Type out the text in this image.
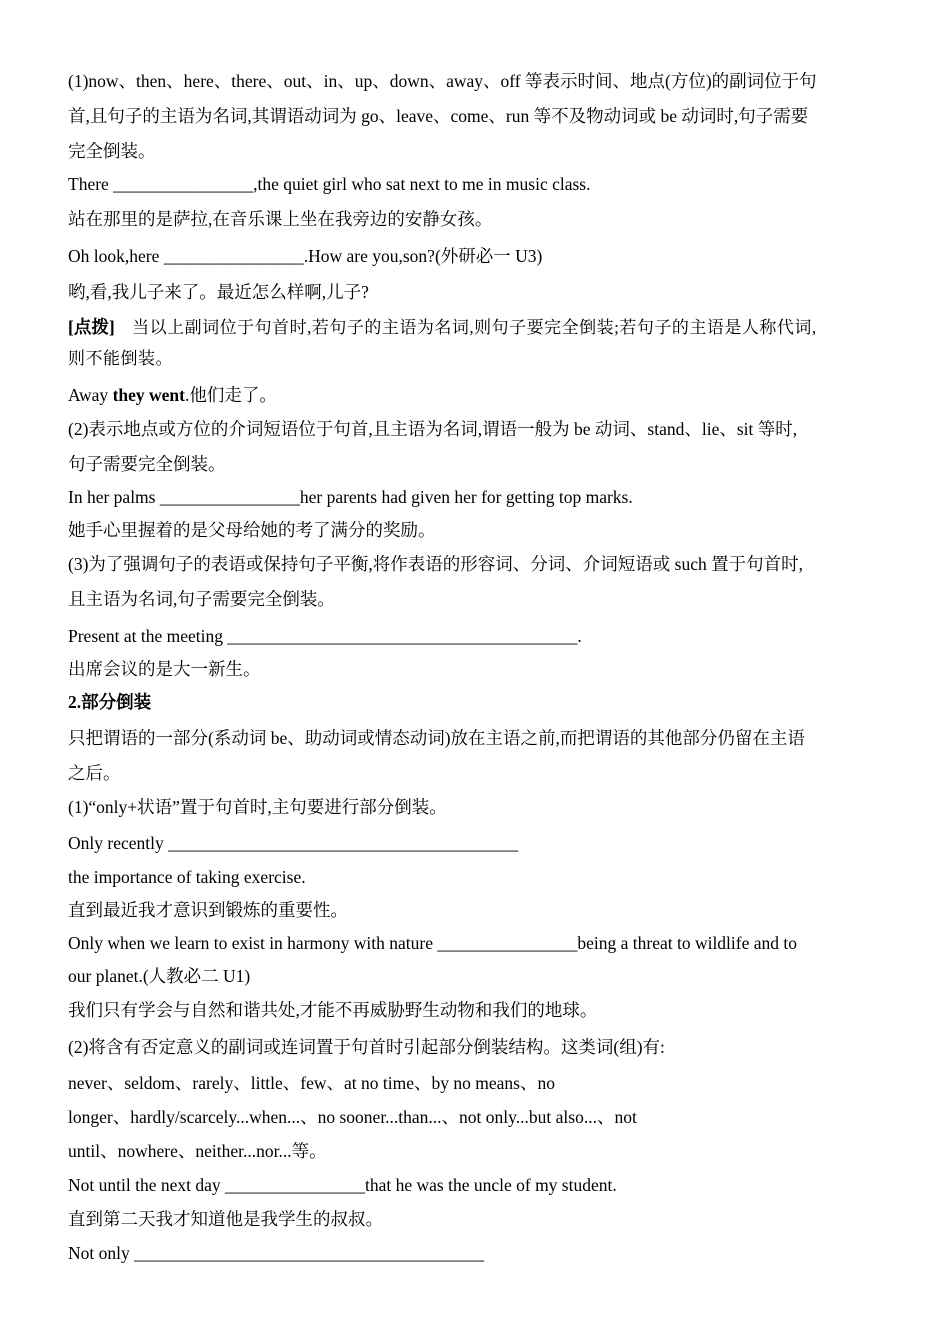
(1)now、then、here、there、out、in、up、down、away、off 等表示时间、地点(方位)的副词位于句
首,且句子的主语为名词,其谓语动词为 go、leave、come、run 等不及物动词或 be 动词时,句子需要
完全倒装。
There ________________,the quiet girl who sat next to me in music class.
站在那里的是萨拉,在音乐课上坐在我旁边的安静女孩。
Oh look,here ________________.How are you,son?(外研必一 U3)
哟,看,我儿子来了。最近怎么样啊,儿子?
[点拨] 当以上副词位于句首时,若句子的主语为名词,则句子要完全倒装;若句子的主语是人称代词,
则不能倒装。
Away they went.他们走了。
(2)表示地点或方位的介词短语位于句首,且主语为名词,谓语一般为 be 动词、stand、lie、sit 等时,
句子需要完全倒装。
In her palms ________________her parents had given her for getting top marks.
她手心里握着的是父母给她的考了满分的奖励。
(3)为了强调句子的表语或保持句子平衡,将作表语的形容词、分词、介词短语或 such 置于句首时,
且主语为名词,句子需要完全倒装。
Present at the meeting ________________________________________.
出席会议的是大一新生。
2.部分倒装
只把谓语的一部分(系动词 be、助动词或情态动词)放在主语之前,而把谓语的其他部分仍留在主语
之后。
(1)“only+状语”置于句首时,主句要进行部分倒装。
Only recently ________________________________________
the importance of taking exercise.
直到最近我才意识到锻炼的重要性。
Only when we learn to exist in harmony with nature ________________being a threat to wildlife and to
our planet.(人教必二 U1)
我们只有学会与自然和谐共处,才能不再威胁野生动物和我们的地球。
(2)将含有否定意义的副词或连词置于句首时引起部分倒装结构。这类词(组)有:
never、seldom、rarely、little、few、at no time、by no means、no
longer、hardly/scarcely...when...、no sooner...than...、not only...but also...、not
until、nowhere、neither...nor...等。
Not until the next day ________________that he was the uncle of my student.
直到第二天我才知道他是我学生的叔叔。
Not only ________________________________________
